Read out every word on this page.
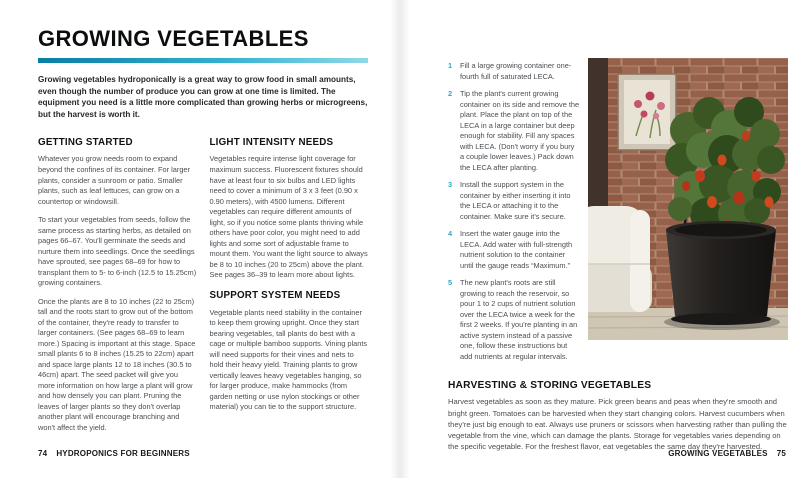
GROWING VEGETABLES

Growing vegetables hydroponically is a great way to grow food in small amounts, even though the number of produce you can grow at one time is limited. The equipment you need is a little more complicated than growing herbs or microgreens, but the harvest is worth it.

GETTING STARTED

Whatever you grow needs room to expand beyond the confines of its container. For larger plants, consider a sunroom or patio. Smaller plants, such as leaf lettuces, can grow on a countertop or windowsill.

To start your vegetables from seeds, follow the same process as starting herbs, as detailed on pages 66–67. You'll germinate the seeds and nurture them into seedlings. Once the seedlings have sprouted, see pages 68–69 for how to transplant them to 5- to 6-inch (12.5 to 15.25cm) growing containers.

Once the plants are 8 to 10 inches (22 to 25cm) tall and the roots start to grow out of the bottom of the container, they're ready to transfer to larger containers. (See pages 68–69 to learn more.) Spacing is important at this stage. Space small plants 6 to 8 inches (15.25 to 22cm) apart and space large plants 12 to 18 inches (30.5 to 46cm) apart. The seed packet will give you more information on how large a plant will grow and how densely you can plant. Pruning the leaves of larger plants so they don't overlap another plant will encourage branching and won't affect the yield.

LIGHT INTENSITY NEEDS

Vegetables require intense light coverage for maximum success. Fluorescent fixtures should have at least four to six bulbs and LED lights need to cover a minimum of 3 x 3 feet (0.90 x 0.90 meters), with 4500 lumens. Different vegetables can require different amounts of light, so if you notice some plants thriving while others have poor color, you might need to add lights and some sort of adjustable frame to mount them. You want the light source to always be 8 to 10 inches (20 to 25cm) above the plant. See pages 36–39 to learn more about lights.

SUPPORT SYSTEM NEEDS

Vegetable plants need stability in the container to keep them growing upright. Once they start bearing vegetables, tall plants do best with a cage or multiple bamboo supports. Vining plants will need supports for their vines and nets to hold their heavy yield. Training plants to grow vertically leaves heavy vegetables hanging, so for larger produce, make hammocks (from garden netting or use nylon stockings or other material) you can tie to the support structure.

74 HYDROPONICS FOR BEGINNERS
1	Fill a large growing container one-fourth full of saturated LECA.
2	Tip the plant's current growing container on its side and remove the plant. Place the plant on top of the LECA in a large container but deep enough for stability. Fill any spaces with LECA. (Don't worry if you bury a couple lower leaves.) Pack down the LECA after planting.
3	Install the support system in the container by either inserting it into the LECA or attaching it to the container. Make sure it's secure.
4	Insert the water gauge into the LECA. Add water with full-strength nutrient solution to the container until the gauge reads “Maximum.”
5	The new plant's roots are still growing to reach the reservoir, so pour 1 to 2 cups of nutrient solution over the LECA twice a week for the first 2 weeks. If you're planting in an active system instead of a passive one, follow these instructions but add nutrients at regular intervals.
HARVESTING & STORING VEGETABLES

Harvest vegetables as soon as they mature. Pick green beans and peas when they're smooth and bright green. Tomatoes can be harvested when they start changing colors. Harvest cucumbers when they're just big enough to eat. Always use pruners or scissors when harvesting rather than pulling the vegetable from the vine, which can damage the plants. Storage for vegetables varies depending on the specific vegetable. For the freshest flavor, eat vegetables the same day they're harvested.

GROWING VEGETABLES 75
